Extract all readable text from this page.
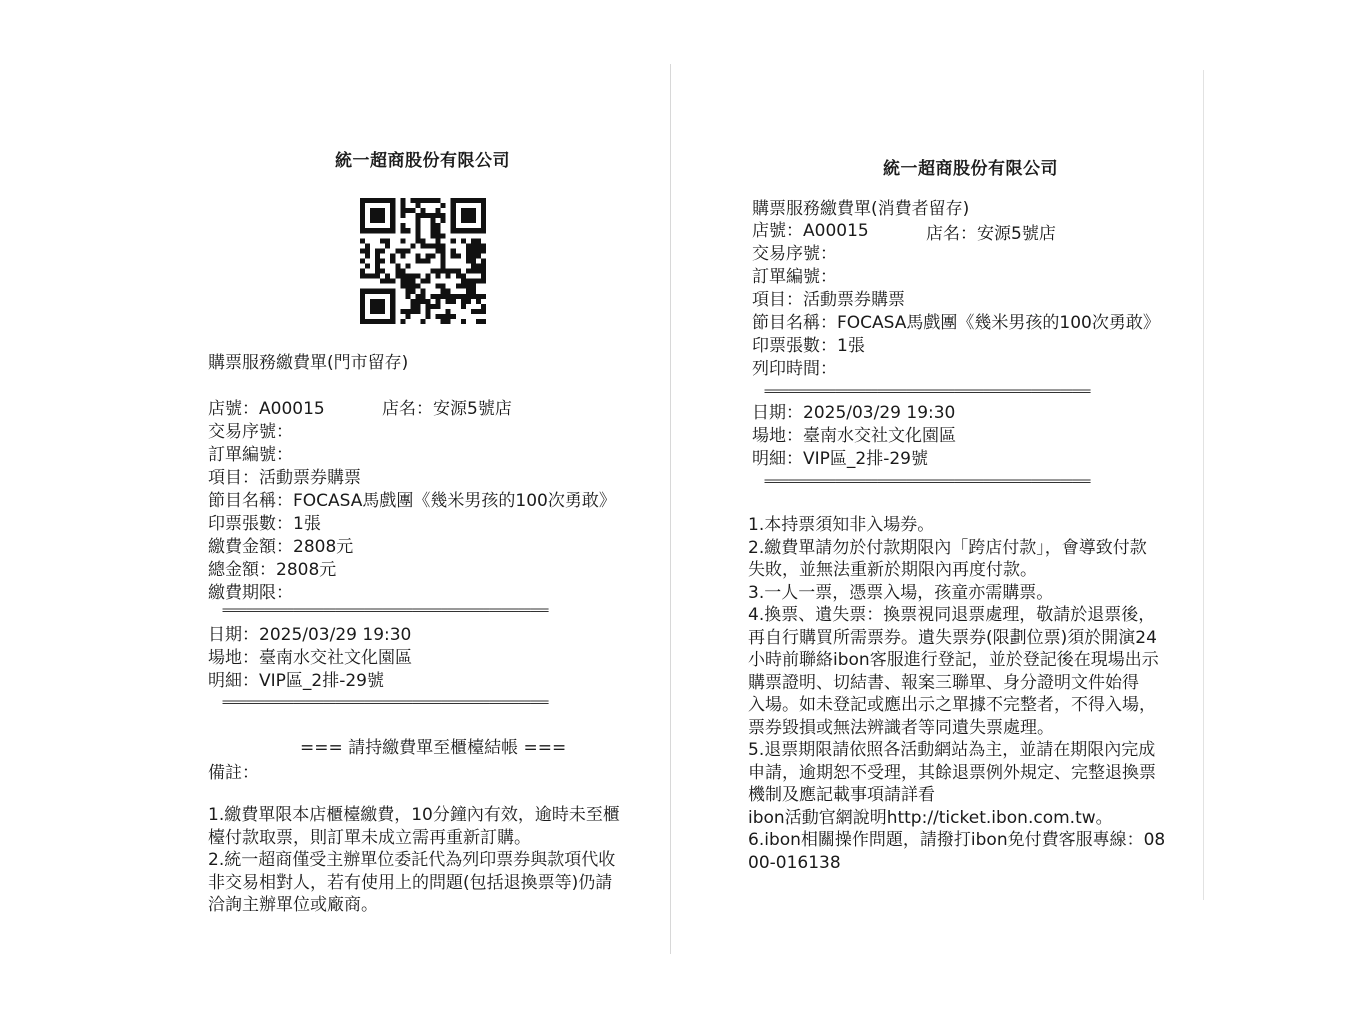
統一超商股份有限公司
購票服務繳費單(門市留存)
店號：A00015	店名：安源5號店
交易序號：
訂單編號：
項目：活動票券購票
節目名稱：FOCASA馬戲團《幾米男孩的100次勇敢》
印票張數：1張
繳費金額：2808元
總金額：2808元
繳費期限：
=======================================================
日期：2025/03/29 19:30
場地：臺南水交社文化園區
明細：VIP區_2排-29號
=======================================================
=== 請持繳費單至櫃檯結帳 ===
備註：
1.繳費單限本店櫃檯繳費，10分鐘內有效，逾時未至櫃
檯付款取票，則訂單未成立需再重新訂購。
2.統一超商僅受主辦單位委託代為列印票券與款項代收
非交易相對人，若有使用上的問題(包括退換票等)仍請
洽詢主辦單位或廠商。
統一超商股份有限公司
購票服務繳費單(消費者留存)
店號：A00015	店名：安源5號店
交易序號：
訂單編號：
項目：活動票券購票
節目名稱：FOCASA馬戲團《幾米男孩的100次勇敢》
印票張數：1張
列印時間：
=======================================================
日期：2025/03/29 19:30
場地：臺南水交社文化園區
明細：VIP區_2排-29號
=======================================================
1.本持票須知非入場券。
2.繳費單請勿於付款期限內「跨店付款」，會導致付款
失敗，並無法重新於期限內再度付款。
3.一人一票，憑票入場，孩童亦需購票。
4.換票、遺失票：換票視同退票處理，敬請於退票後，
再自行購買所需票券。遺失票券(限劃位票)須於開演24
小時前聯絡ibon客服進行登記，並於登記後在現場出示
購票證明、切結書、報案三聯單、身分證明文件始得
入場。如未登記或應出示之單據不完整者，不得入場，
票券毀損或無法辨識者等同遺失票處理。
5.退票期限請依照各活動網站為主，並請在期限內完成
申請，逾期恕不受理，其餘退票例外規定、完整退換票
機制及應記載事項請詳看
ibon活動官網說明http://ticket.ibon.com.tw。
6.ibon相關操作問題，請撥打ibon免付費客服專線：08
00-016138
